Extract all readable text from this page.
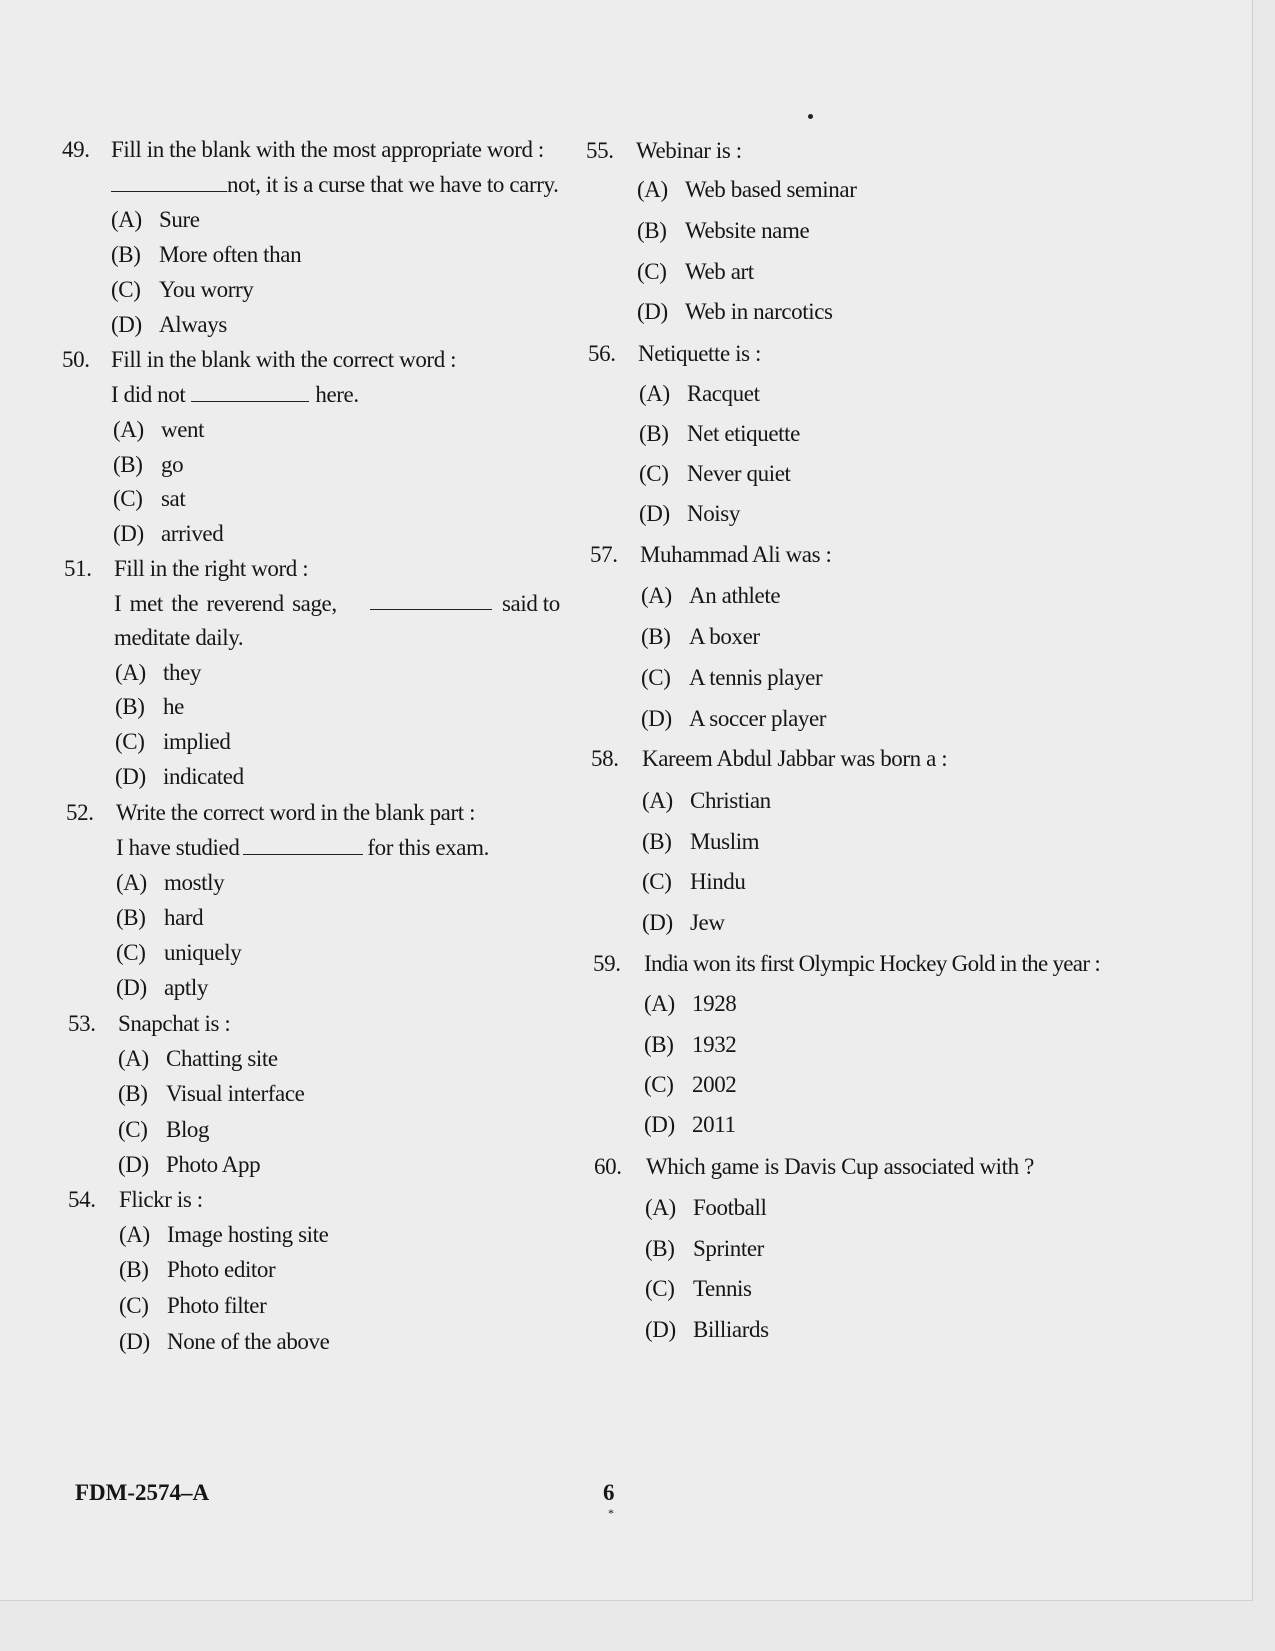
49. Fill in the blank with the most appropriate word :
not, it is a curse that we have to carry.
(A) Sure
(B) More often than
(C) You worry
(D) Always
50. Fill in the blank with the correct word :
I did not	here.
(A) went
(B) go
(C) sat
(D) arrived
51. Fill in the right word :
I met the reverend sage,	said to
meditate daily.
(A) they
(B) he
(C) implied
(D) indicated
52. Write the correct word in the blank part :
I have studied	for this exam.
(A) mostly
(B) hard
(C) uniquely
(D) aptly
53. Snapchat is :
(A) Chatting site
(B) Visual interface
(C) Blog
(D) Photo App
54. Flickr is :
(A) Image hosting site
(B) Photo editor
(C) Photo filter
(D) None of the above
55. Webinar is :
(A) Web based seminar
(B) Website name
(C) Web art
(D) Web in narcotics
56. Netiquette is :
(A) Racquet
(B) Net etiquette
(C) Never quiet
(D) Noisy
57. Muhammad Ali was :
(A) An athlete
(B) A boxer
(C) A tennis player
(D) A soccer player
58. Kareem Abdul Jabbar was born a :
(A) Christian
(B) Muslim
(C) Hindu
(D) Jew
59. India won its first Olympic Hockey Gold in the year :
(A) 1928
(B) 1932
(C) 2002
(D) 2011
60. Which game is Davis Cup associated with ?
(A) Football
(B) Sprinter
(C) Tennis
(D) Billiards
FDM-2574–A	6
*
